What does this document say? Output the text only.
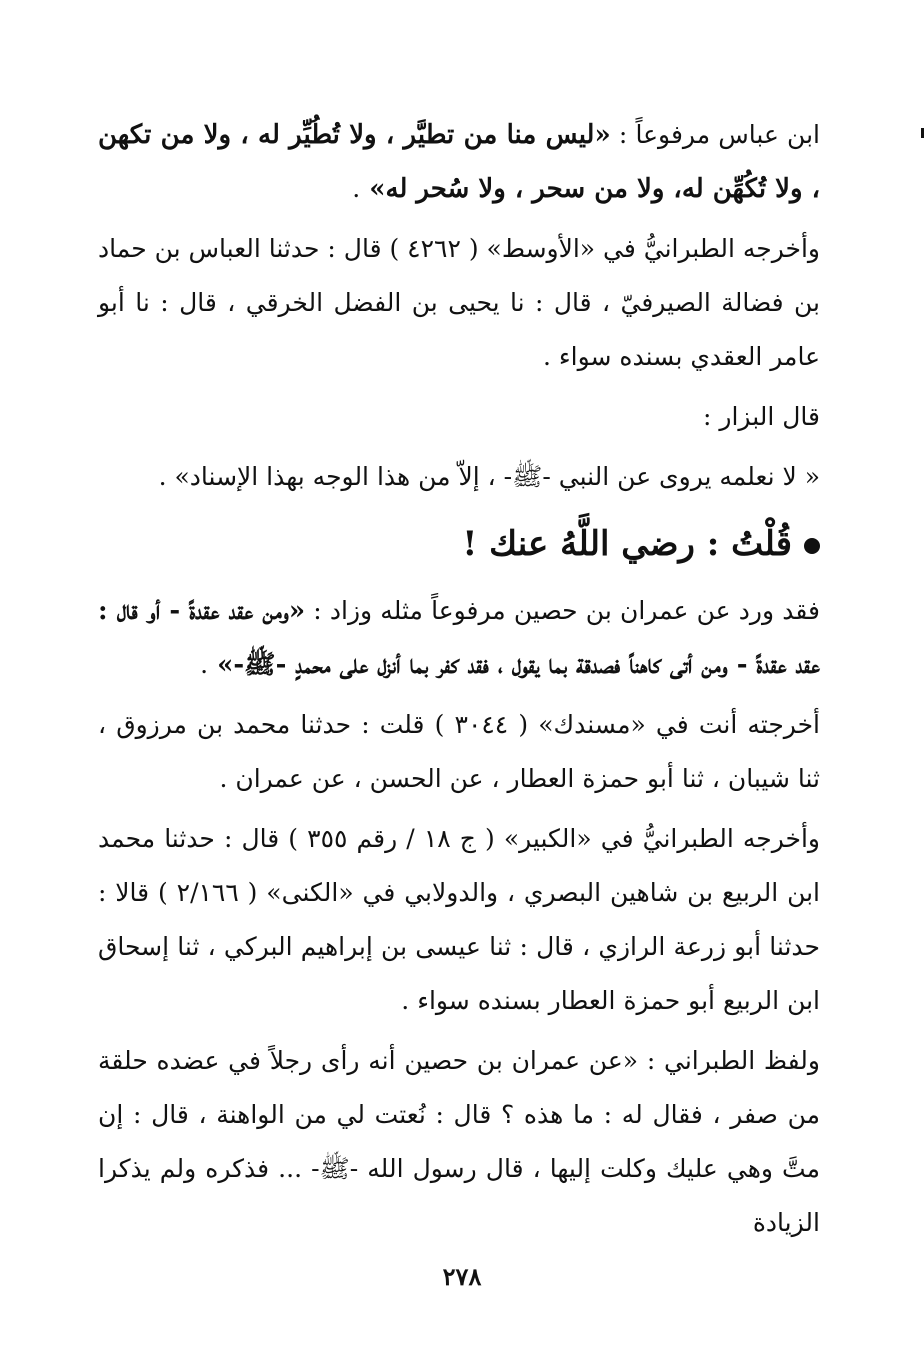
ابن عباس مرفوعاً : «ليس منا من تطيَّر ، ولا تُطُيِّر له ، ولا من تكهن ، ولا تُكُهِّن له، ولا من سحر ، ولا سُحر له» .

وأخرجه الطبرانيُّ في «الأوسط» ( ٤٢٦٢ ) قال : حدثنا العباس بن حماد بن فضالة الصيرفيّ ، قال : نا يحيى بن الفضل الخرقي ، قال : نا أبو عامر العقدي بسنده سواء .

قال البزار :

« لا نعلمه يروى عن النبي -ﷺ- ، إلاّ من هذا الوجه بهذا الإسناد» .

قُلْتُ : رضي اللَّهُ عنك !

فقد ورد عن عمران بن حصين مرفوعاً مثله وزاد : «ومن عقد عقدةً - أو قال : عقد عقدةً - ومن أتى كاهناً فصدقة بما يقول ، فقد كفر بما أنزل على محمدٍ -ﷺ-» .

أخرجته أنت في «مسندك» ( ٣٠٤٤ ) قلت : حدثنا محمد بن مرزوق ، ثنا شيبان ، ثنا أبو حمزة العطار ، عن الحسن ، عن عمران .

وأخرجه الطبرانيُّ في «الكبير» ( ج ١٨ / رقم ٣٥٥ ) قال : حدثنا محمد ابن الربيع بن شاهين البصري ، والدولابي في «الكنى» ( ٢/١٦٦ ) قالا : حدثنا أبو زرعة الرازي ، قال : ثنا عيسى بن إبراهيم البركي ، ثنا إسحاق ابن الربيع أبو حمزة العطار بسنده سواء .

ولفظ الطبراني : «عن عمران بن حصين أنه رأى رجلاً في عضده حلقة من صفر ، فقال له : ما هذه ؟ قال : نُعتت لي من الواهنة ، قال : إن متَّ وهي عليك وكلت إليها ، قال رسول الله -ﷺ- ... فذكره ولم يذكرا الزيادة

٢٧٨
